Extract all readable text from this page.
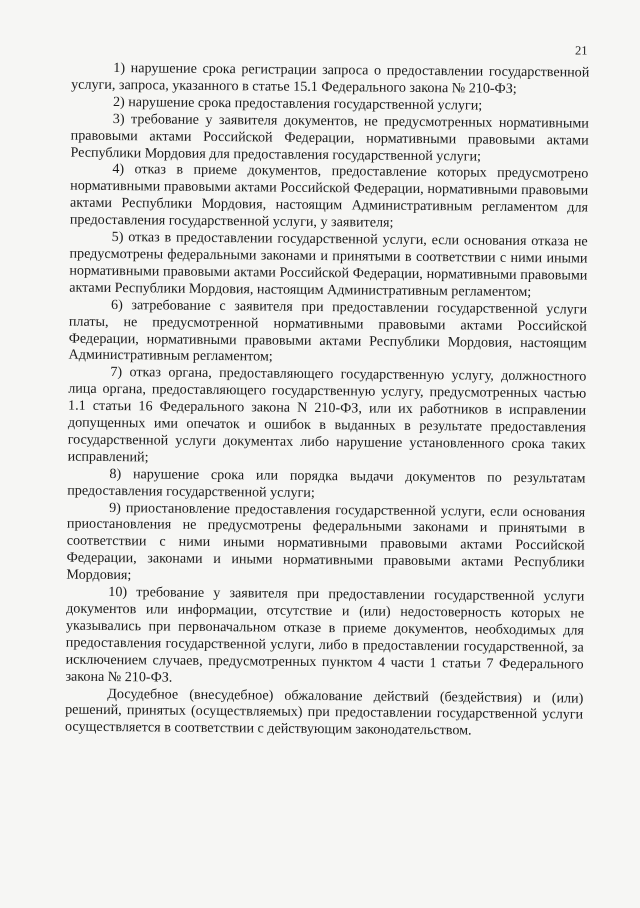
21

1) нарушение срока регистрации запроса о предоставлении государственной услуги, запроса, указанного в статье 15.1 Федерального закона № 210-ФЗ;

2) нарушение срока предоставления государственной услуги;

3) требование у заявителя документов, не предусмотренных нормативными правовыми актами Российской Федерации, нормативными правовыми актами Республики Мордовия для предоставления государственной услуги;

4) отказ в приеме документов, предоставление которых предусмотрено нормативными правовыми актами Российской Федерации, нормативными правовыми актами Республики Мордовия, настоящим Административным регламентом для предоставления государственной услуги, у заявителя;

5) отказ в предоставлении государственной услуги, если основания отказа не предусмотрены федеральными законами и принятыми в соответствии с ними иными нормативными правовыми актами Российской Федерации, нормативными правовыми актами Республики Мордовия, настоящим Административным регламентом;

6) затребование с заявителя при предоставлении государственной услуги платы, не предусмотренной нормативными правовыми актами Российской Федерации, нормативными правовыми актами Республики Мордовия, настоящим Административным регламентом;

7) отказ органа, предоставляющего государственную услугу, должностного лица органа, предоставляющего государственную услугу, предусмотренных частью 1.1 статьи 16 Федерального закона N 210-ФЗ, или их работников в исправлении допущенных ими опечаток и ошибок в выданных в результате предоставления государственной услуги документах либо нарушение установленного срока таких исправлений;

8) нарушение срока или порядка выдачи документов по результатам предоставления государственной услуги;

9) приостановление предоставления государственной услуги, если основания приостановления не предусмотрены федеральными законами и принятыми в соответствии с ними иными нормативными правовыми актами Российской Федерации, законами и иными нормативными правовыми актами Республики Мордовия;

10) требование у заявителя при предоставлении государственной услуги документов или информации, отсутствие и (или) недостоверность которых не указывались при первоначальном отказе в приеме документов, необходимых для предоставления государственной услуги, либо в предоставлении государственной, за исключением случаев, предусмотренных пунктом 4 части 1 статьи 7 Федерального закона № 210-ФЗ.

Досудебное (внесудебное) обжалование действий (бездействия) и (или) решений, принятых (осуществляемых) при предоставлении государственной услуги осуществляется в соответствии с действующим законодательством.
